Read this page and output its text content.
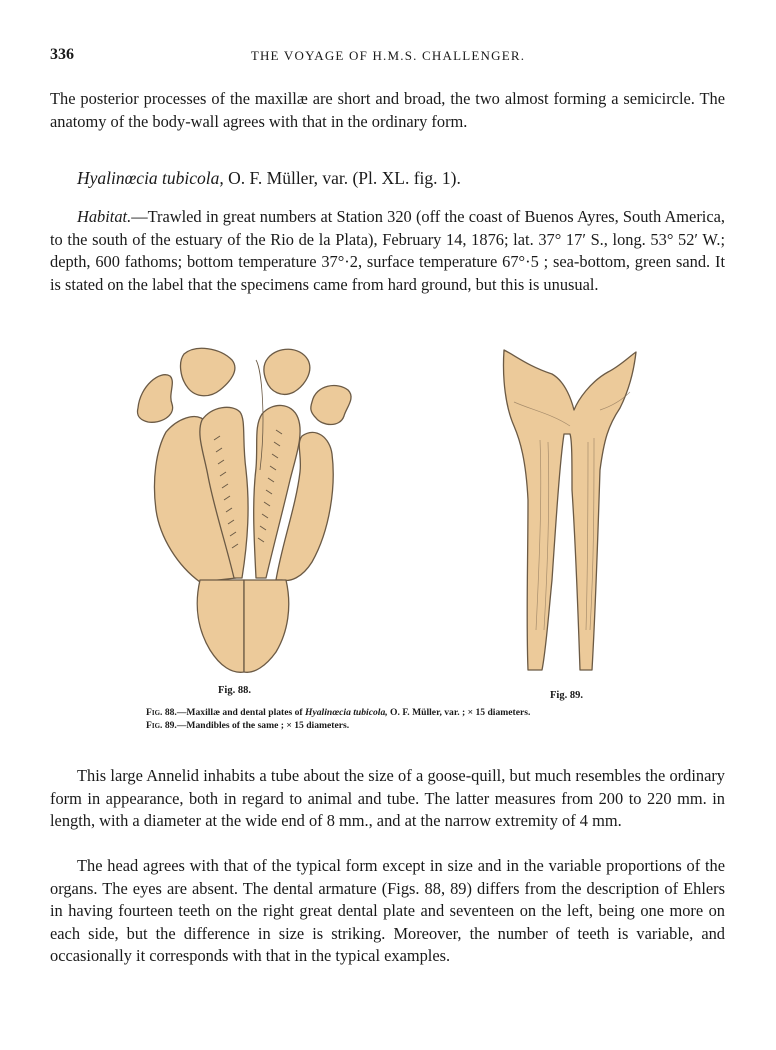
336	THE VOYAGE OF H.M.S. CHALLENGER.

The posterior processes of the maxillæ are short and broad, the two almost forming a semicircle. The anatomy of the body-wall agrees with that in the ordinary form.

Hyalinœcia tubicola, O. F. Müller, var. (Pl. XL. fig. 1).

Habitat.—Trawled in great numbers at Station 320 (off the coast of Buenos Ayres, South America, to the south of the estuary of the Rio de la Plata), February 14, 1876; lat. 37° 17′ S., long. 53° 52′ W.; depth, 600 fathoms; bottom temperature 37°·2, surface temperature 67°·5 ; sea-bottom, green sand. It is stated on the label that the specimens came from hard ground, but this is unusual.

Fig. 88.	Fig. 89.

Fig. 88.—Maxillæ and dental plates of Hyalinœcia tubicola, O. F. Müller, var. ; × 15 diameters.

Fig. 89.—Mandibles of the same ; × 15 diameters.

This large Annelid inhabits a tube about the size of a goose-quill, but much resembles the ordinary form in appearance, both in regard to animal and tube. The latter measures from 200 to 220 mm. in length, with a diameter at the wide end of 8 mm., and at the narrow extremity of 4 mm.

The head agrees with that of the typical form except in size and in the variable proportions of the organs. The eyes are absent. The dental armature (Figs. 88, 89) differs from the description of Ehlers in having fourteen teeth on the right great dental plate and seventeen on the left, being one more on each side, but the difference in size is striking. Moreover, the number of teeth is variable, and occasionally it corresponds with that in the typical examples.
